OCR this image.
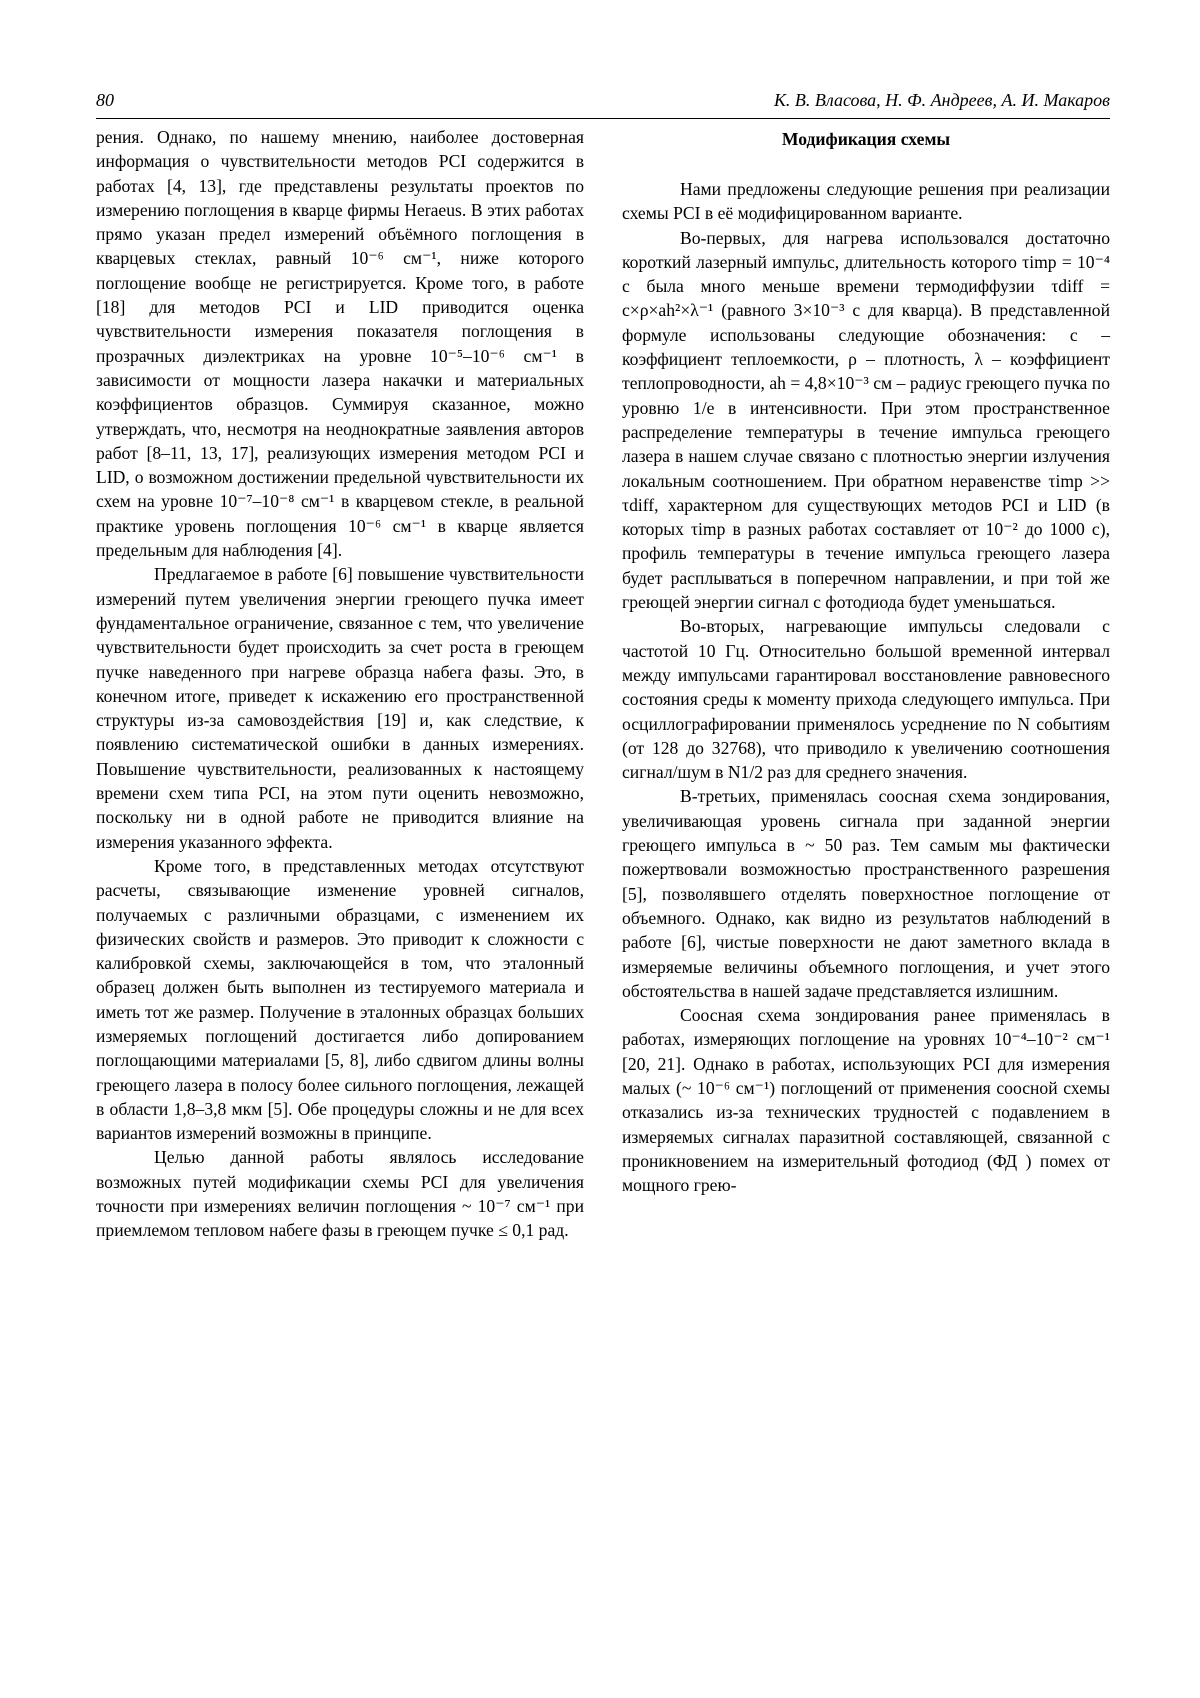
80	К. В. Власова, Н. Ф. Андреев, А. И. Макаров

рения. Однако, по нашему мнению, наиболее достоверная информация о чувствительности методов PCI содержится в работах [4, 13], где представлены результаты проектов по измерению поглощения в кварце фирмы Heraeus. В этих работах прямо указан предел измерений объёмного поглощения в кварцевых стеклах, равный 10⁻⁶ см⁻¹, ниже которого поглощение вообще не регистрируется. Кроме того, в работе [18] для методов PCI и LID приводится оценка чувствительности измерения показателя поглощения в прозрачных диэлектриках на уровне 10⁻⁵–10⁻⁶ см⁻¹ в зависимости от мощности лазера накачки и материальных коэффициентов образцов. Суммируя сказанное, можно утверждать, что, несмотря на неоднократные заявления авторов работ [8–11, 13, 17], реализующих измерения методом PCI и LID, о возможном достижении предельной чувствительности их схем на уровне 10⁻⁷–10⁻⁸ см⁻¹ в кварцевом стекле, в реальной практике уровень поглощения 10⁻⁶ см⁻¹ в кварце является предельным для наблюдения [4].

Предлагаемое в работе [6] повышение чувствительности измерений путем увеличения энергии греющего пучка имеет фундаментальное ограничение, связанное с тем, что увеличение чувствительности будет происходить за счет роста в греющем пучке наведенного при нагреве образца набега фазы. Это, в конечном итоге, приведет к искажению его пространственной структуры из-за самовоздействия [19] и, как следствие, к появлению систематической ошибки в данных измерениях. Повышение чувствительности, реализованных к настоящему времени схем типа PCI, на этом пути оценить невозможно, поскольку ни в одной работе не приводится влияние на измерения указанного эффекта.

Кроме того, в представленных методах отсутствуют расчеты, связывающие изменение уровней сигналов, получаемых с различными образцами, с изменением их физических свойств и размеров. Это приводит к сложности с калибровкой схемы, заключающейся в том, что эталонный образец должен быть выполнен из тестируемого материала и иметь тот же размер. Получение в эталонных образцах больших измеряемых поглощений достигается либо допированием поглощающими материалами [5, 8], либо сдвигом длины волны греющего лазера в полосу более сильного поглощения, лежащей в области 1,8–3,8 мкм [5]. Обе процедуры сложны и не для всех вариантов измерений возможны в принципе.

Целью данной работы являлось исследование возможных путей модификации схемы PCI для увеличения точности при измерениях величин поглощения ~ 10⁻⁷ см⁻¹ при приемлемом тепловом набеге фазы в греющем пучке ≤ 0,1 рад.

Модификация схемы

Нами предложены следующие решения при реализации схемы PCI в её модифицированном варианте.

Во-первых, для нагрева использовался достаточно короткий лазерный импульс, длительность которого τimp = 10⁻⁴ с была много меньше времени термодиффузии τdiff = c×ρ×ah²×λ⁻¹ (равного 3×10⁻³ с для кварца). В представленной формуле использованы следующие обозначения: c – коэффициент теплоемкости, ρ – плотность, λ – коэффициент теплопроводности, ah = 4,8×10⁻³ см – радиус греющего пучка по уровню 1/e в интенсивности. При этом пространственное распределение температуры в течение импульса греющего лазера в нашем случае связано с плотностью энергии излучения локальным соотношением. При обратном неравенстве τimp >> τdiff, характерном для существующих методов PCI и LID (в которых τimp в разных работах составляет от 10⁻² до 1000 с), профиль температуры в течение импульса греющего лазера будет расплываться в поперечном направлении, и при той же греющей энергии сигнал с фотодиода будет уменьшаться.

Во-вторых, нагревающие импульсы следовали с частотой 10 Гц. Относительно большой временной интервал между импульсами гарантировал восстановление равновесного состояния среды к моменту прихода следующего импульса. При осциллографировании применялось усреднение по N событиям (от 128 до 32768), что приводило к увеличению соотношения сигнал/шум в N1/2 раз для среднего значения.

В-третьих, применялась соосная схема зондирования, увеличивающая уровень сигнала при заданной энергии греющего импульса в ~ 50 раз. Тем самым мы фактически пожертвовали возможностью пространственного разрешения [5], позволявшего отделять поверхностное поглощение от объемного. Однако, как видно из результатов наблюдений в работе [6], чистые поверхности не дают заметного вклада в измеряемые величины объемного поглощения, и учет этого обстоятельства в нашей задаче представляется излишним.

Соосная схема зондирования ранее применялась в работах, измеряющих поглощение на уровнях 10⁻⁴–10⁻² см⁻¹ [20, 21]. Однако в работах, использующих PCI для измерения малых (~ 10⁻⁶ см⁻¹) поглощений от применения соосной схемы отказались из-за технических трудностей с подавлением в измеряемых сигналах паразитной составляющей, связанной с проникновением на измерительный фотодиод (ФД ) помех от мощного грею-
